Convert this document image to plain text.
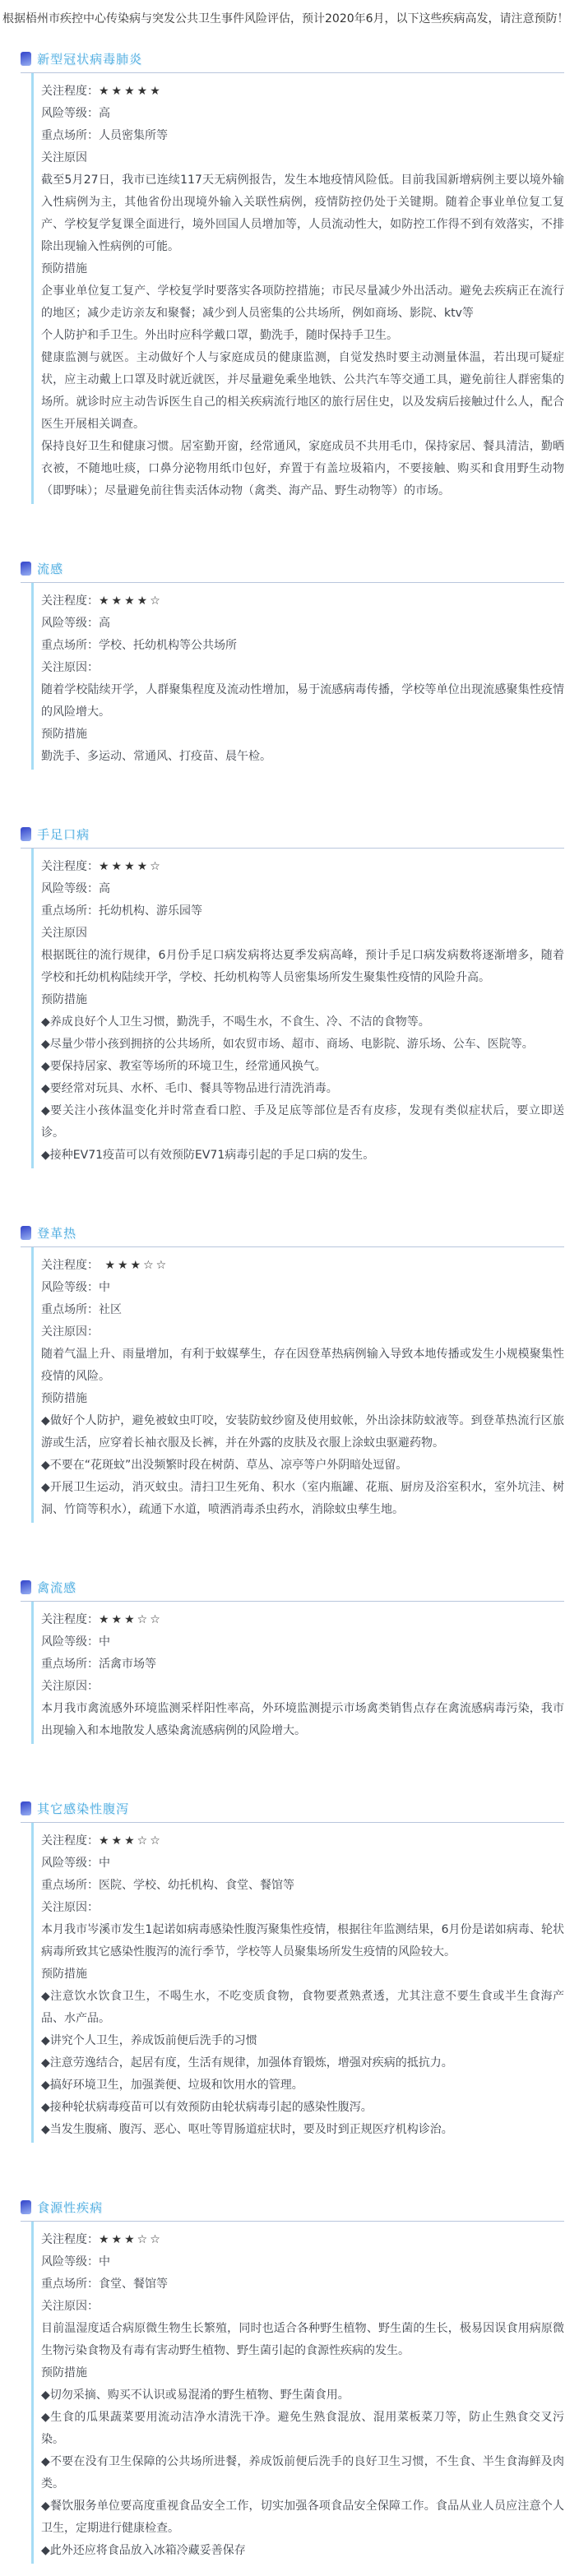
根据梧州市疾控中心传染病与突发公共卫生事件风险评估，预计2020年6月，以下这些疾病高发，请注意预防！

新型冠状病毒肺炎

关注程度：★★★★★

风险等级：高

重点场所：人员密集所等

关注原因

截至5月27日，我市已连续117天无病例报告，发生本地疫情风险低。目前我国新增病例主要以境外输入性病例为主，其他省份出现境外输入关联性病例，疫情防控仍处于关键期。随着企事业单位复工复产、学校复学复课全面进行，境外回国人员增加等，人员流动性大，如防控工作得不到有效落实，不排除出现输入性病例的可能。

预防措施

企事业单位复工复产、学校复学时要落实各项防控措施；市民尽量减少外出活动。避免去疾病正在流行的地区；减少走访亲友和聚餐；减少到人员密集的公共场所，例如商场、影院、ktv等

个人防护和手卫生。外出时应科学戴口罩，勤洗手，随时保持手卫生。

健康监测与就医。主动做好个人与家庭成员的健康监测，自觉发热时要主动测量体温，若出现可疑症状，应主动戴上口罩及时就近就医，并尽量避免乘坐地铁、公共汽车等交通工具，避免前往人群密集的场所。就诊时应主动告诉医生自己的相关疾病流行地区的旅行居住史，以及发病后接触过什么人，配合医生开展相关调查。

保持良好卫生和健康习惯。居室勤开窗，经常通风，家庭成员不共用毛巾，保持家居、餐具清洁，勤晒衣被，不随地吐痰，口鼻分泌物用纸巾包好，弃置于有盖垃圾箱内，不要接触、购买和食用野生动物（即野味）；尽量避免前往售卖活体动物（禽类、海产品、野生动物等）的市场。

流感

关注程度：★★★★☆

风险等级：高

重点场所：学校、托幼机构等公共场所

关注原因：

随着学校陆续开学，人群聚集程度及流动性增加，易于流感病毒传播，学校等单位出现流感聚集性疫情的风险增大。

预防措施

勤洗手、多运动、常通风、打疫苗、晨午检。

手足口病

关注程度：★★★★☆

风险等级：高

重点场所：托幼机构、游乐园等

关注原因

根据既往的流行规律，6月份手足口病发病将达夏季发病高峰，预计手足口病发病数将逐渐增多，随着学校和托幼机构陆续开学，学校、托幼机构等人员密集场所发生聚集性疫情的风险升高。

预防措施

◆养成良好个人卫生习惯，勤洗手，不喝生水，不食生、冷、不洁的食物等。

◆尽量少带小孩到拥挤的公共场所，如农贸市场、超市、商场、电影院、游乐场、公车、医院等。

◆要保持居家、教室等场所的环境卫生，经常通风换气。

◆要经常对玩具、水杯、毛巾、餐具等物品进行清洗消毒。

◆要关注小孩体温变化并时常查看口腔、手及足底等部位是否有皮疹，发现有类似症状后，要立即送诊。

◆接种EV71疫苗可以有效预防EV71病毒引起的手足口病的发生。

登革热

关注程度： ★★★☆☆

风险等级：中

重点场所：社区

关注原因：

随着气温上升、雨量增加，有利于蚊媒孳生，存在因登革热病例输入导致本地传播或发生小规模聚集性疫情的风险。

预防措施

◆做好个人防护，避免被蚊虫叮咬，安装防蚊纱窗及使用蚊帐，外出涂抹防蚊液等。到登革热流行区旅游或生活，应穿着长袖衣服及长裤，并在外露的皮肤及衣服上涂蚊虫驱避药物。

◆不要在“花斑蚊”出没频繁时段在树荫、草丛、凉亭等户外阴暗处逗留。

◆开展卫生运动，消灭蚊虫。清扫卫生死角、积水（室内瓶罐、花瓶、厨房及浴室积水，室外坑洼、树洞、竹筒等积水），疏通下水道，喷洒消毒杀虫药水，消除蚊虫孳生地。

禽流感

关注程度：★★★☆☆

风险等级：中

重点场所：活禽市场等

关注原因：

本月我市禽流感外环境监测采样阳性率高，外环境监测提示市场禽类销售点存在禽流感病毒污染，我市出现输入和本地散发人感染禽流感病例的风险增大。

其它感染性腹泻

关注程度：★★★☆☆

风险等级：中

重点场所：医院、学校、幼托机构、食堂、餐馆等

关注原因：

本月我市岑溪市发生1起诺如病毒感染性腹泻聚集性疫情，根据往年监测结果，6月份是诺如病毒、轮状病毒所致其它感染性腹泻的流行季节，学校等人员聚集场所发生疫情的风险较大。

预防措施

◆注意饮水饮食卫生，不喝生水，不吃变质食物，食物要煮熟煮透，尤其注意不要生食或半生食海产品、水产品。

◆讲究个人卫生，养成饭前便后洗手的习惯

◆注意劳逸结合，起居有度，生活有规律，加强体育锻炼，增强对疾病的抵抗力。

◆搞好环境卫生，加强粪便、垃圾和饮用水的管理。

◆接种轮状病毒疫苗可以有效预防由轮状病毒引起的感染性腹泻。

◆当发生腹痛、腹泻、恶心、呕吐等胃肠道症状时，要及时到正规医疗机构诊治。

食源性疾病

关注程度：★★★☆☆

风险等级：中

重点场所：食堂、餐馆等

关注原因：

目前温湿度适合病原微生物生长繁殖，同时也适合各种野生植物、野生菌的生长，极易因误食用病原微生物污染食物及有毒有害动野生植物、野生菌引起的食源性疾病的发生。

预防措施

◆切勿采摘、购买不认识或易混淆的野生植物、野生菌食用。

◆生食的瓜果蔬菜要用流动洁净水清洗干净。避免生熟食混放、混用菜板菜刀等，防止生熟食交叉污染。

◆不要在没有卫生保障的公共场所进餐，养成饭前便后洗手的良好卫生习惯，不生食、半生食海鲜及肉类。

◆餐饮服务单位要高度重视食品安全工作，切实加强各项食品安全保障工作。食品从业人员应注意个人卫生，定期进行健康检查。

◆此外还应将食品放入冰箱冷藏妥善保存
